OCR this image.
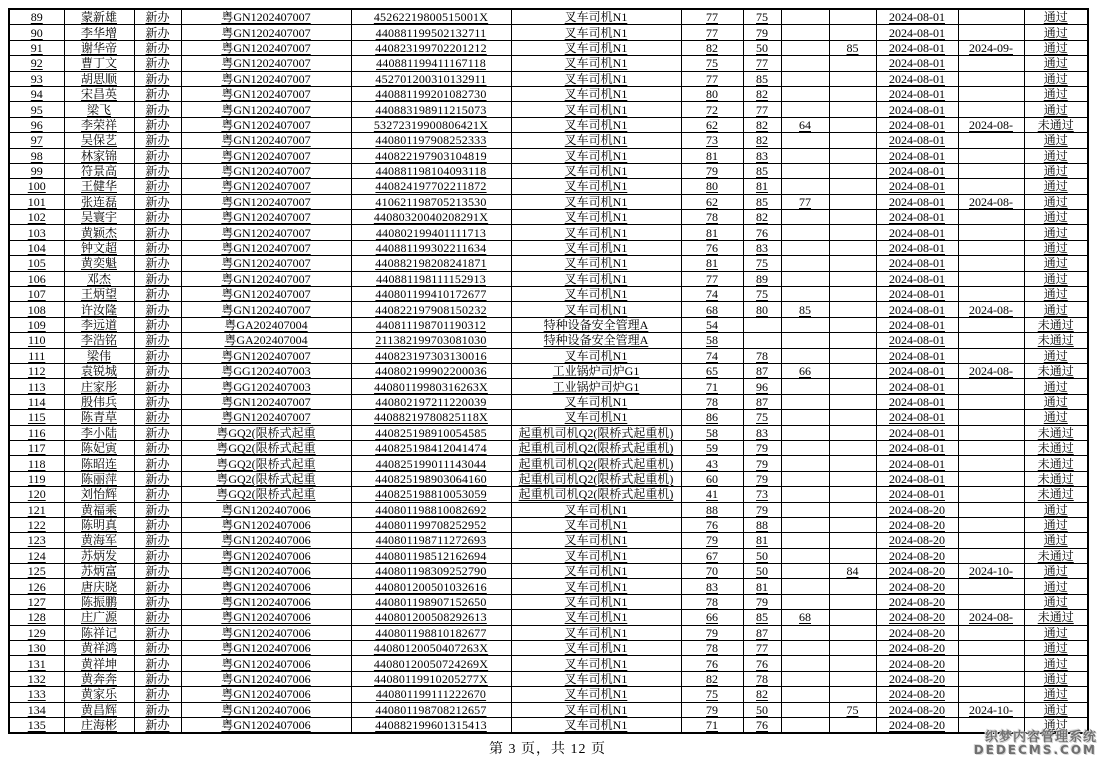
89	蒙新雄	新办	粤GN1202407007	45262219800515001X	叉车司机N1	77	75			2024-08-01		通过
90	李华增	新办	粤GN1202407007	440881199502132711	叉车司机N1	77	79			2024-08-01		通过
91	谢华帝	新办	粤GN1202407007	440823199702201212	叉车司机N1	82	50		85	2024-08-01	2024-09-	通过
92	曹丁文	新办	粤GN1202407007	440881199411167118	叉车司机N1	75	77			2024-08-01		通过
93	胡思顺	新办	粤GN1202407007	452701200310132911	叉车司机N1	77	85			2024-08-01		通过
94	宋昌英	新办	粤GN1202407007	440881199201082730	叉车司机N1	80	82			2024-08-01		通过
95	梁飞	新办	粤GN1202407007	440883198911215073	叉车司机N1	72	77			2024-08-01		通过
96	李荣祥	新办	粤GN1202407007	53272319900806421X	叉车司机N1	62	82	64		2024-08-01	2024-08-	未通过
97	吴保艺	新办	粤GN1202407007	440801197908252333	叉车司机N1	73	82			2024-08-01		通过
98	林家锦	新办	粤GN1202407007	440822197903104819	叉车司机N1	81	83			2024-08-01		通过
99	符景高	新办	粤GN1202407007	440881198104093118	叉车司机N1	79	85			2024-08-01		通过
100	王健华	新办	粤GN1202407007	440824197702211872	叉车司机N1	80	81			2024-08-01		通过
101	张连磊	新办	粤GN1202407007	410621198705213530	叉车司机N1	62	85	77		2024-08-01	2024-08-	通过
102	吴寰宇	新办	粤GN1202407007	44080320040208291X	叉车司机N1	78	82			2024-08-01		通过
103	黄颖杰	新办	粤GN1202407007	440802199401111713	叉车司机N1	81	76			2024-08-01		通过
104	钟文超	新办	粤GN1202407007	440881199302211634	叉车司机N1	76	83			2024-08-01		通过
105	黄奕魁	新办	粤GN1202407007	440882198208241871	叉车司机N1	81	75			2024-08-01		通过
106	邓杰	新办	粤GN1202407007	440881198111152913	叉车司机N1	77	89			2024-08-01		通过
107	王炳望	新办	粤GN1202407007	440801199410172677	叉车司机N1	74	75			2024-08-01		通过
108	许汝隆	新办	粤GN1202407007	440822197908150232	叉车司机N1	68	80	85		2024-08-01	2024-08-	通过
109	李远道	新办	粤GA202407004	440811198701190312	特种设备安全管理A	54				2024-08-01		未通过
110	李浩铭	新办	粤GA202407004	211382199703081030	特种设备安全管理A	58				2024-08-01		未通过
111	梁伟	新办	粤GN1202407007	440823197303130016	叉车司机N1	74	78			2024-08-01		通过
112	袁锐城	新办	粤GG1202407003	440802199902200036	工业锅炉司炉G1	65	87	66		2024-08-01	2024-08-	未通过
113	庄家彤	新办	粤GG1202407003	44080119980316263X	工业锅炉司炉G1	71	96			2024-08-01		通过
114	殷伟兵	新办	粤GN1202407007	440802197211220039	叉车司机N1	78	87			2024-08-01		通过
115	陈青草	新办	粤GN1202407007	44088219780825118X	叉车司机N1	86	75			2024-08-01		通过
116	李小陆	新办	粤GQ2(限桥式起重	440825198910054585	起重机司机Q2(限桥式起重机)	58	83			2024-08-01		未通过
117	陈妃寅	新办	粤GQ2(限桥式起重	440825198412041474	起重机司机Q2(限桥式起重机)	59	79			2024-08-01		未通过
118	陈昭连	新办	粤GQ2(限桥式起重	440825199011143044	起重机司机Q2(限桥式起重机)	43	79			2024-08-01		未通过
119	陈丽萍	新办	粤GQ2(限桥式起重	440825198903064160	起重机司机Q2(限桥式起重机)	60	79			2024-08-01		未通过
120	刘怡辉	新办	粤GQ2(限桥式起重	440825198810053059	起重机司机Q2(限桥式起重机)	41	73			2024-08-01		未通过
121	黄福乘	新办	粤GN1202407006	440801198810082692	叉车司机N1	88	79			2024-08-20		通过
122	陈明真	新办	粤GN1202407006	440801199708252952	叉车司机N1	76	88			2024-08-20		通过
123	黄海军	新办	粤GN1202407006	440801198711272693	叉车司机N1	79	81			2024-08-20		通过
124	苏炳发	新办	粤GN1202407006	440801198512162694	叉车司机N1	67	50			2024-08-20		未通过
125	苏炳富	新办	粤GN1202407006	440801198309252790	叉车司机N1	70	50		84	2024-08-20	2024-10-	通过
126	唐庆晓	新办	粤GN1202407006	440801200501032616	叉车司机N1	83	81			2024-08-20		通过
127	陈振鹏	新办	粤GN1202407006	440801198907152650	叉车司机N1	78	79			2024-08-20		通过
128	庄广源	新办	粤GN1202407006	440801200508292613	叉车司机N1	66	85	68		2024-08-20	2024-08-	未通过
129	陈祥记	新办	粤GN1202407006	440801198810182677	叉车司机N1	79	87			2024-08-20		通过
130	黄祥鸿	新办	粤GN1202407006	44080120050407263X	叉车司机N1	78	77			2024-08-20		通过
131	黄祥坤	新办	粤GN1202407006	44080120050724269X	叉车司机N1	76	76			2024-08-20		通过
132	黄奔奔	新办	粤GN1202407006	44080119910205277X	叉车司机N1	82	78			2024-08-20		通过
133	黄家乐	新办	粤GN1202407006	440801199111222670	叉车司机N1	75	82			2024-08-20		通过
134	黄昌辉	新办	粤GN1202407006	440801198708212657	叉车司机N1	79	50		75	2024-08-20	2024-10-	通过
135	庄海彬	新办	粤GN1202407006	440882199601315413	叉车司机N1	71	76			2024-08-20		通过
第 3 页，共 12 页
织梦内容管理系统
DEDECMS.COM
